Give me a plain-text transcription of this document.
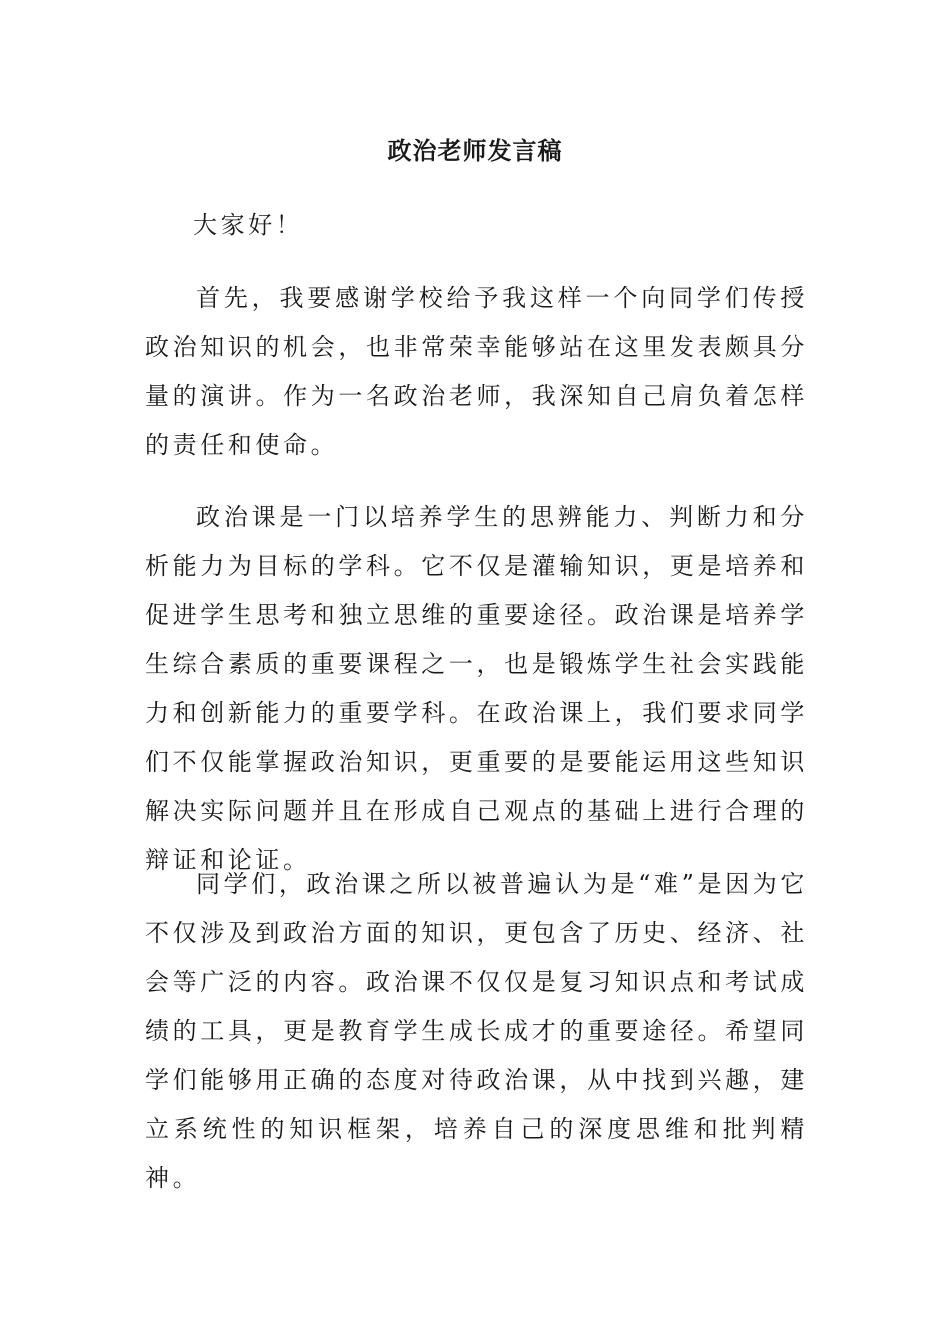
政治老师发言稿

大家好！

首先，我要感谢学校给予我这样一个向同学们传授政治知识的机会，也非常荣幸能够站在这里发表颇具分量的演讲。作为一名政治老师，我深知自己肩负着怎样的责任和使命。

政治课是一门以培养学生的思辨能力、判断力和分析能力为目标的学科。它不仅是灌输知识，更是培养和促进学生思考和独立思维的重要途径。政治课是培养学生综合素质的重要课程之一，也是锻炼学生社会实践能力和创新能力的重要学科。在政治课上，我们要求同学们不仅能掌握政治知识，更重要的是要能运用这些知识解决实际问题并且在形成自己观点的基础上进行合理的辩证和论证。

同学们，政治课之所以被普遍认为是“难”是因为它不仅涉及到政治方面的知识，更包含了历史、经济、社会等广泛的内容。政治课不仅仅是复习知识点和考试成绩的工具，更是教育学生成长成才的重要途径。希望同学们能够用正确的态度对待政治课，从中找到兴趣，建立系统性的知识框架，培养自己的深度思维和批判精神。
